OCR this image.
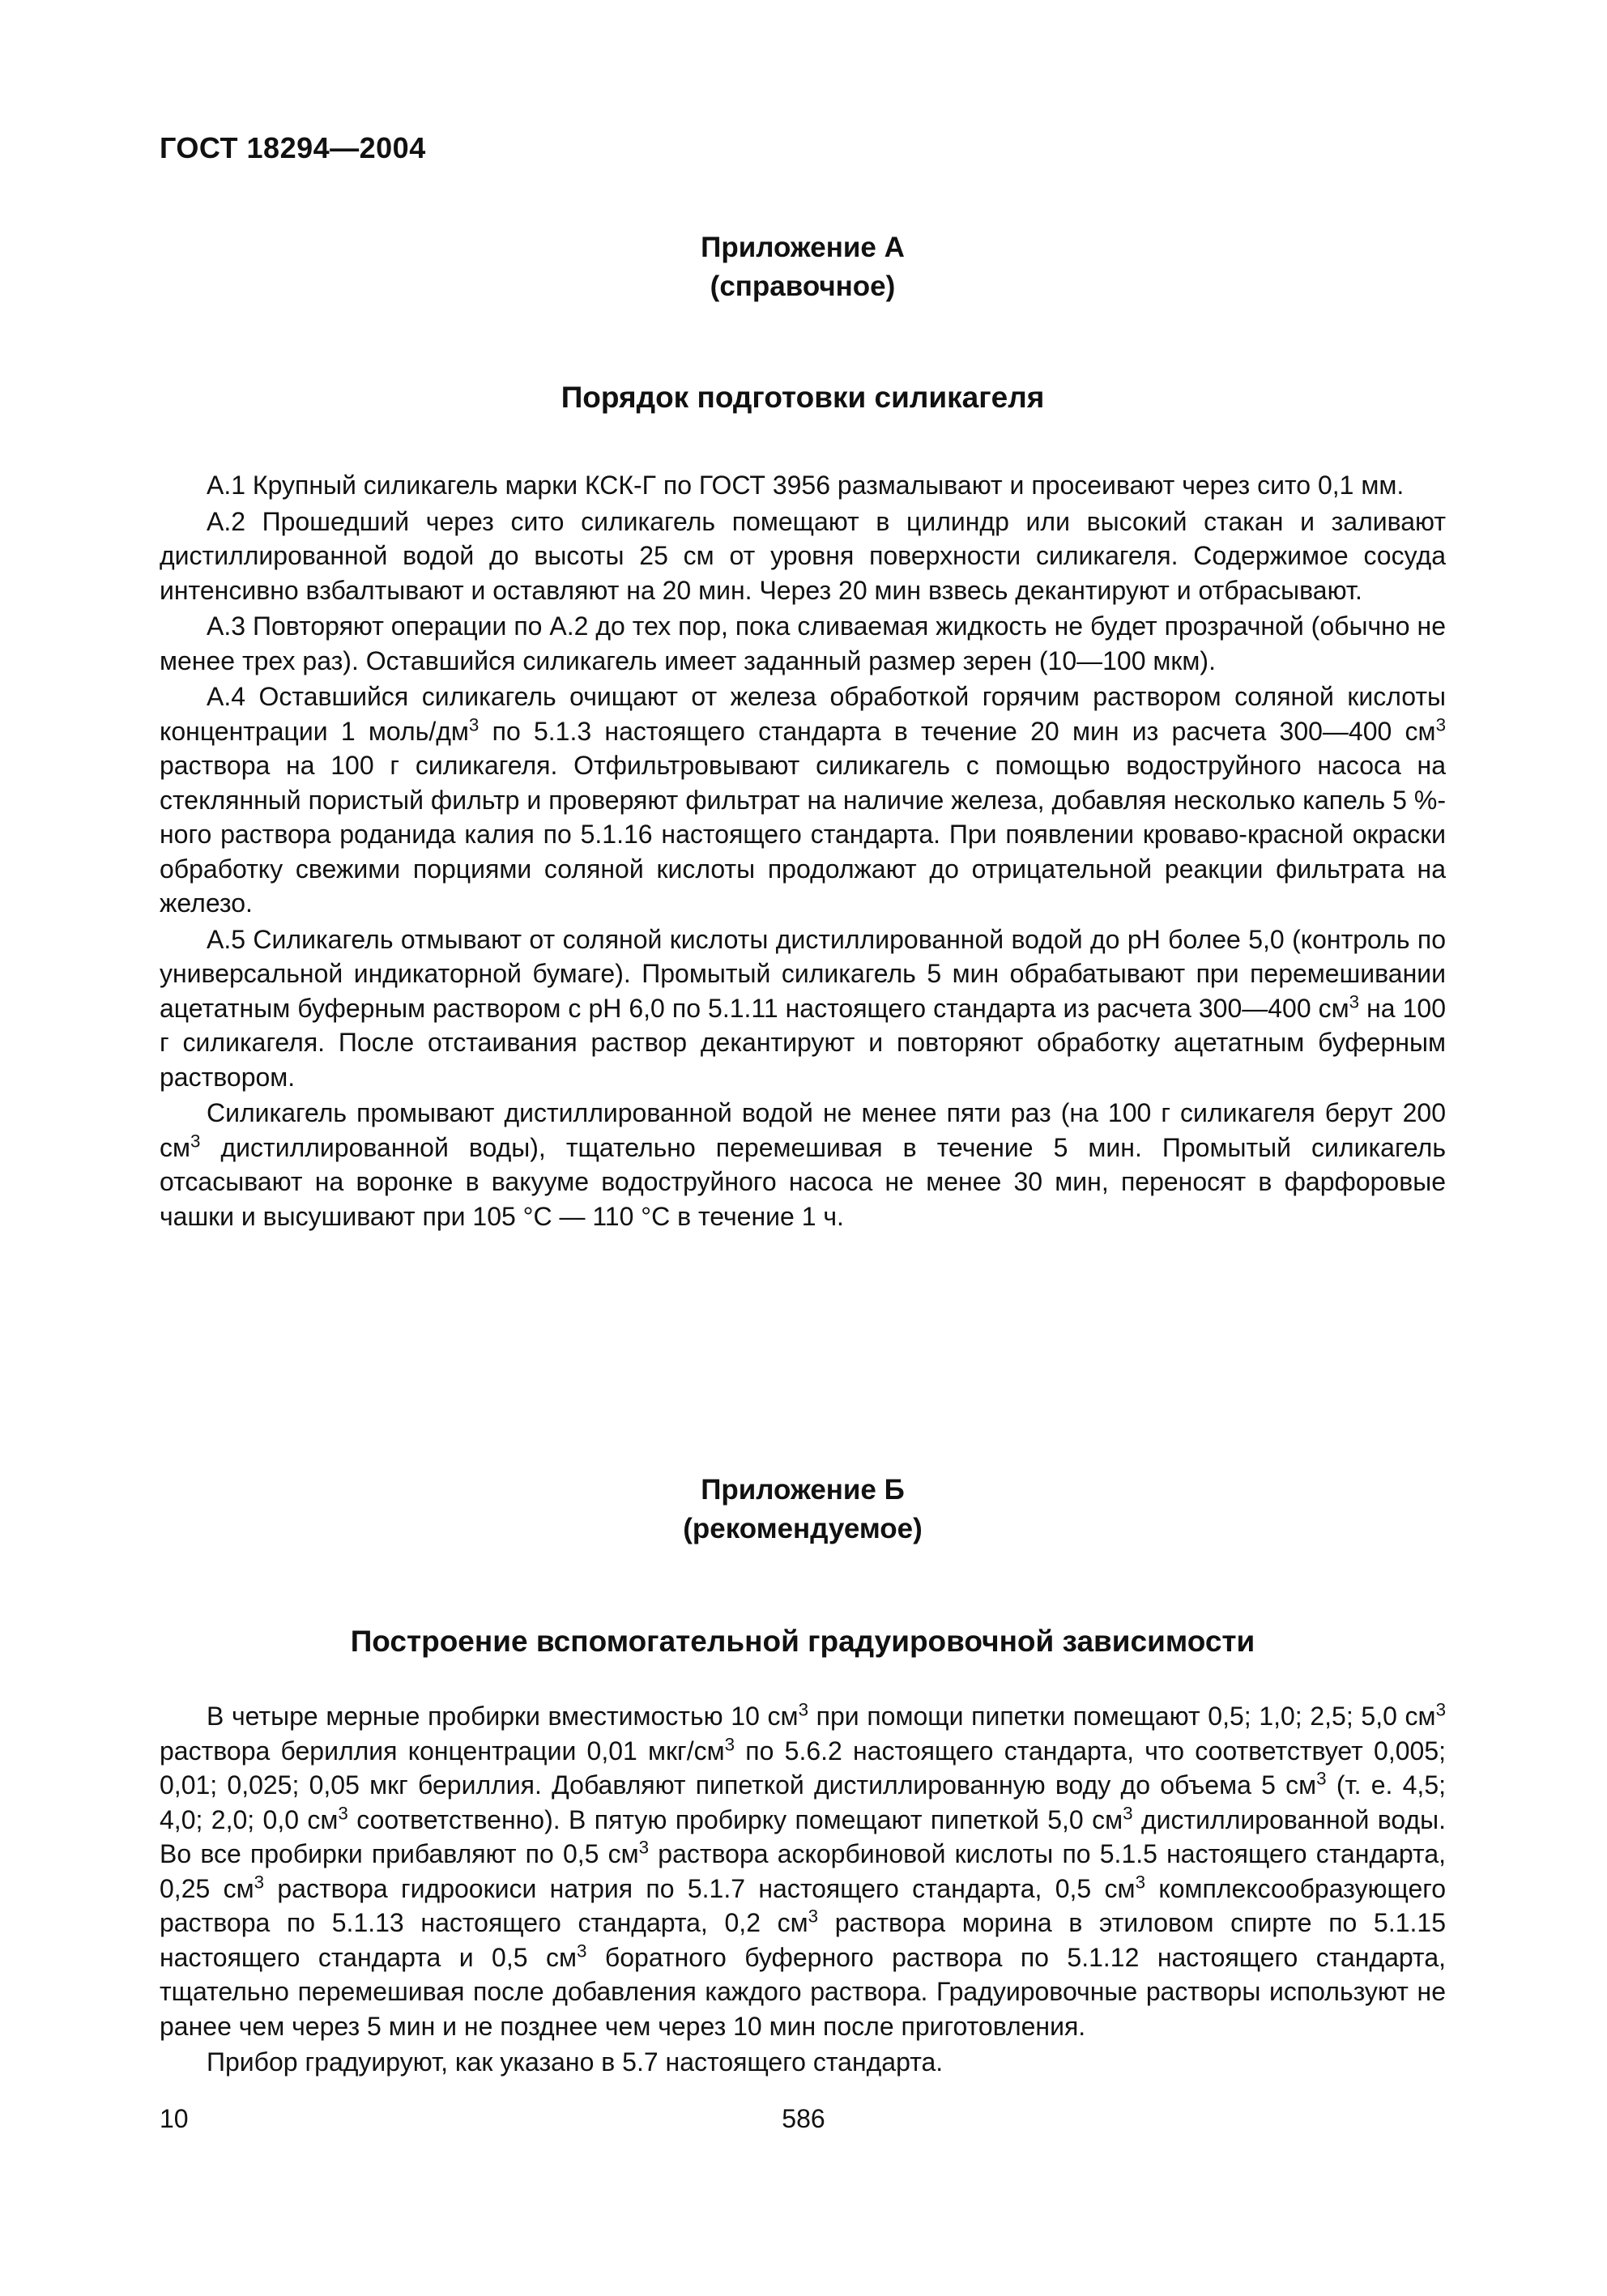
ГОСТ 18294—2004
Приложение А
(справочное)
Порядок подготовки силикагеля

А.1 Крупный силикагель марки КСК-Г по ГОСТ 3956 размалывают и просеивают через сито 0,1 мм.

А.2 Прошедший через сито силикагель помещают в цилиндр или высокий стакан и заливают дистиллированной водой до высоты 25 см от уровня поверхности силикагеля. Содержимое сосуда интенсивно взбалтывают и оставляют на 20 мин. Через 20 мин взвесь декантируют и отбрасывают.

А.3 Повторяют операции по А.2 до тех пор, пока сливаемая жидкость не будет прозрачной (обычно не менее трех раз). Оставшийся силикагель имеет заданный размер зерен (10—100 мкм).

А.4 Оставшийся силикагель очищают от железа обработкой горячим раствором соляной кислоты концентрации 1 моль/$дм^3$ по 5.1.3 настоящего стандарта в течение 20 мин из расчета 300—400 $см^3$ раствора на 100 г силикагеля. Отфильтровывают силикагель с помощью водоструйного насоса на стеклянный пористый фильтр и проверяют фильтрат на наличие железа, добавляя несколько капель 5 %-ного раствора роданида калия по 5.1.16 настоящего стандарта. При появлении кроваво-красной окраски обработку свежими порциями соляной кислоты продолжают до отрицательной реакции фильтрата на железо.

А.5 Силикагель отмывают от соляной кислоты дистиллированной водой до pH более 5,0 (контроль по универсальной индикаторной бумаге). Промытый силикагель 5 мин обрабатывают при перемешивании ацетатным буферным раствором с pH 6,0 по 5.1.11 настоящего стандарта из расчета 300—400 $см^3$ на 100 г силикагеля. После отстаивания раствор декантируют и повторяют обработку ацетатным буферным раствором.

Силикагель промывают дистиллированной водой не менее пяти раз (на 100 г силикагеля берут 200 $см^3$ дистиллированной воды), тщательно перемешивая в течение 5 мин. Промытый силикагель отсасывают на воронке в вакууме водоструйного насоса не менее 30 мин, переносят в фарфоровые чашки и высушивают при 105 °С — 110 °С в течение 1 ч.

Приложение Б
(рекомендуемое)
Построение вспомогательной градуировочной зависимости

В четыре мерные пробирки вместимостью 10 $см^3$ при помощи пипетки помещают 0,5; 1,0; 2,5; 5,0 $см^3$ раствора бериллия концентрации 0,01 мкг/$см^3$ по 5.6.2 настоящего стандарта, что соответствует 0,005; 0,01; 0,025; 0,05 мкг бериллия. Добавляют пипеткой дистиллированную воду до объема 5 $см^3$ (т. е. 4,5; 4,0; 2,0; 0,0 $см^3$ соответственно). В пятую пробирку помещают пипеткой 5,0 $см^3$ дистиллированной воды. Во все пробирки прибавляют по 0,5 $см^3$ раствора аскорбиновой кислоты по 5.1.5 настоящего стандарта, 0,25 $см^3$ раствора гидроокиси натрия по 5.1.7 настоящего стандарта, 0,5 $см^3$ комплексообразующего раствора по 5.1.13 настоящего стандарта, 0,2 $см^3$ раствора морина в этиловом спирте по 5.1.15 настоящего стандарта и 0,5 $см^3$ боратного буферного раствора по 5.1.12 настоящего стандарта, тщательно перемешивая после добавления каждого раствора. Градуировочные растворы используют не ранее чем через 5 мин и не позднее чем через 10 мин после приготовления.

Прибор градуируют, как указано в 5.7 настоящего стандарта.

10	586
